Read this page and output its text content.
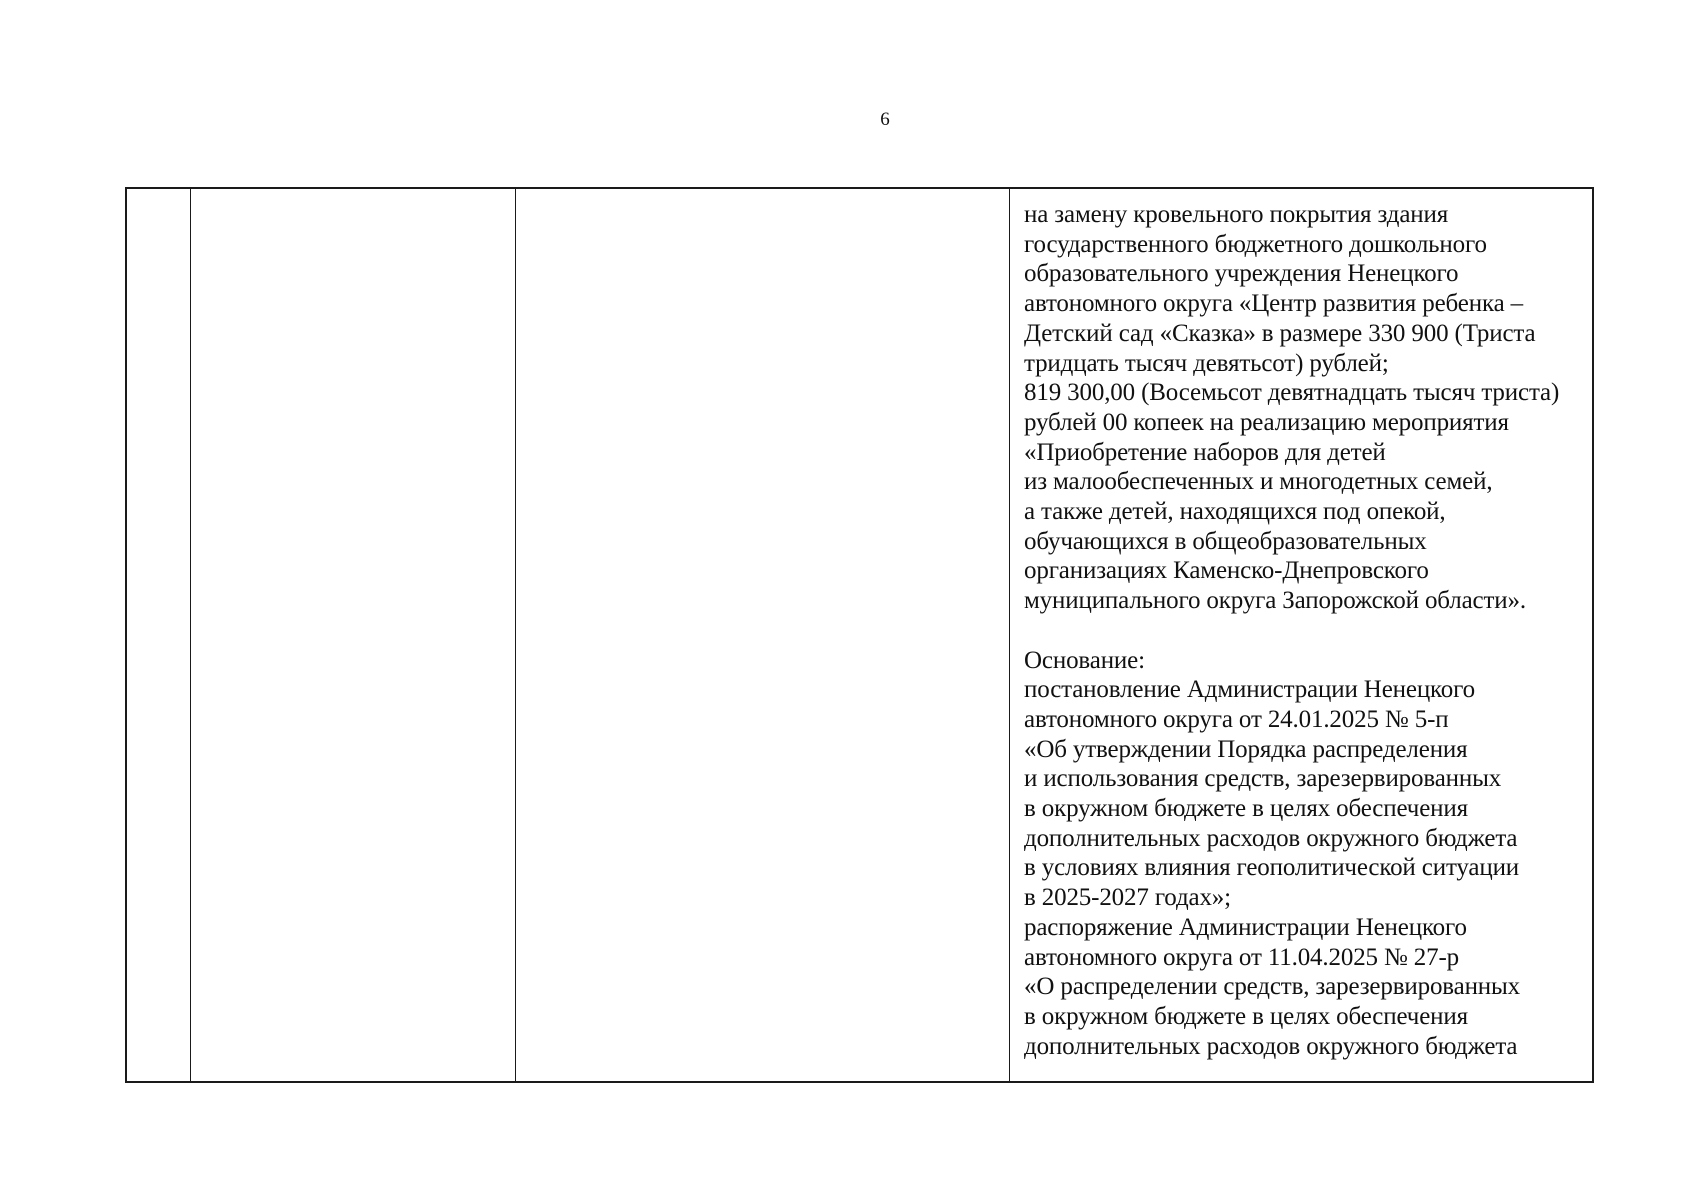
6
на замену кровельного покрытия здания
государственного бюджетного дошкольного
образовательного учреждения Ненецкого
автономного округа «Центр развития ребенка –
Детский сад «Сказка» в размере 330 900 (Триста
тридцать тысяч девятьсот) рублей;
819 300,00 (Восемьсот девятнадцать тысяч триста)
рублей 00 копеек на реализацию мероприятия
«Приобретение наборов для детей
из малообеспеченных и многодетных семей,
а также детей, находящихся под опекой,
обучающихся в общеобразовательных
организациях Каменско-Днепровского
муниципального округа Запорожской области».
Основание:
постановление Администрации Ненецкого
автономного округа от 24.01.2025 № 5-п
«Об утверждении Порядка распределения
и использования средств, зарезервированных
в окружном бюджете в целях обеспечения
дополнительных расходов окружного бюджета
в условиях влияния геополитической ситуации
в 2025-2027 годах»;
распоряжение Администрации Ненецкого
автономного округа от 11.04.2025 № 27-р
«О распределении средств, зарезервированных
в окружном бюджете в целях обеспечения
дополнительных расходов окружного бюджета
